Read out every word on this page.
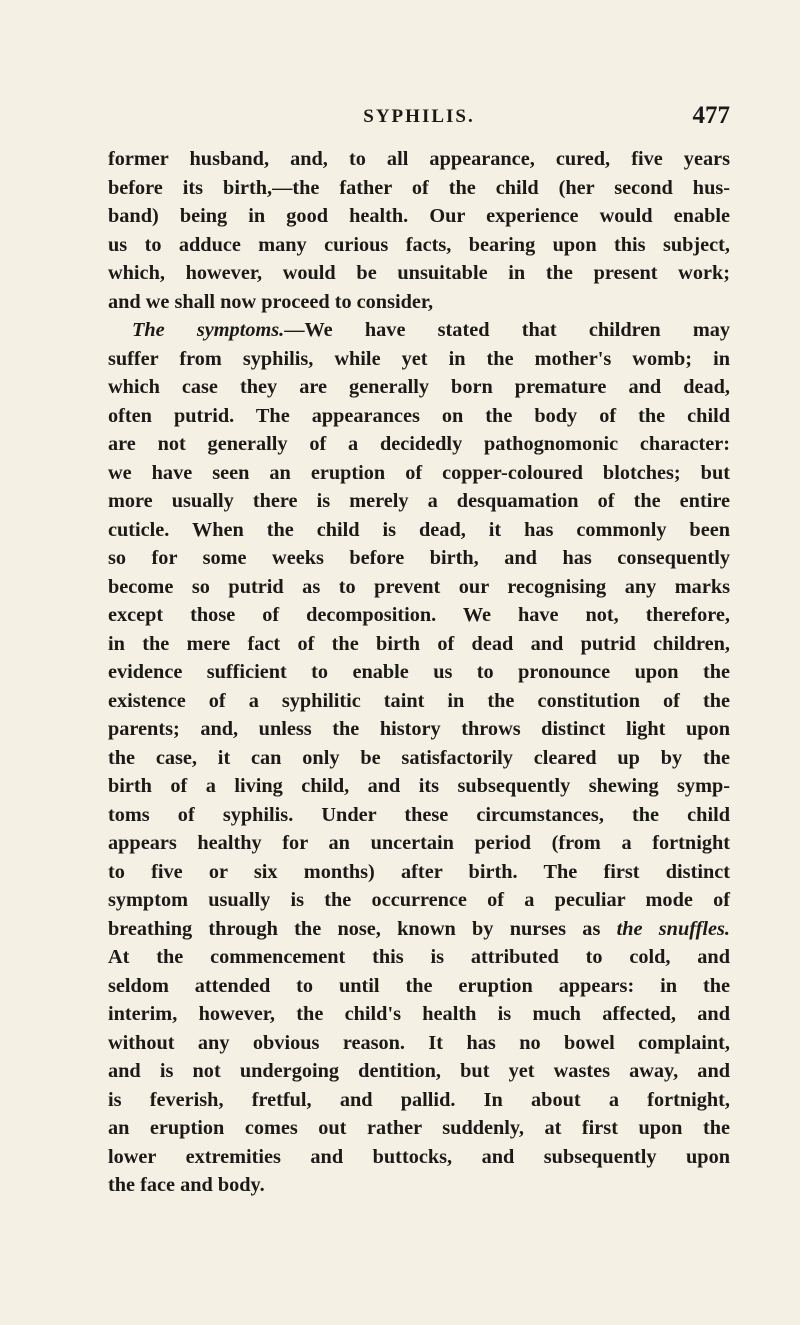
SYPHILIS.	477
former husband, and, to all appearance, cured, five years
before its birth,—the father of the child (her second hus-
band) being in good health. Our experience would enable
us to adduce many curious facts, bearing upon this subject,
which, however, would be unsuitable in the present work;
and we shall now proceed to consider,
The symptoms.—We have stated that children may
suffer from syphilis, while yet in the mother's womb; in
which case they are generally born premature and dead,
often putrid. The appearances on the body of the child
are not generally of a decidedly pathognomonic character:
we have seen an eruption of copper-coloured blotches; but
more usually there is merely a desquamation of the entire
cuticle. When the child is dead, it has commonly been
so for some weeks before birth, and has consequently
become so putrid as to prevent our recognising any marks
except those of decomposition. We have not, therefore,
in the mere fact of the birth of dead and putrid children,
evidence sufficient to enable us to pronounce upon the
existence of a syphilitic taint in the constitution of the
parents; and, unless the history throws distinct light upon
the case, it can only be satisfactorily cleared up by the
birth of a living child, and its subsequently shewing symp-
toms of syphilis. Under these circumstances, the child
appears healthy for an uncertain period (from a fortnight
to five or six months) after birth. The first distinct
symptom usually is the occurrence of a peculiar mode of
breathing through the nose, known by nurses as the snuffles.
At the commencement this is attributed to cold, and
seldom attended to until the eruption appears: in the
interim, however, the child's health is much affected, and
without any obvious reason. It has no bowel complaint,
and is not undergoing dentition, but yet wastes away, and
is feverish, fretful, and pallid. In about a fortnight,
an eruption comes out rather suddenly, at first upon the
lower extremities and buttocks, and subsequently upon
the face and body.
